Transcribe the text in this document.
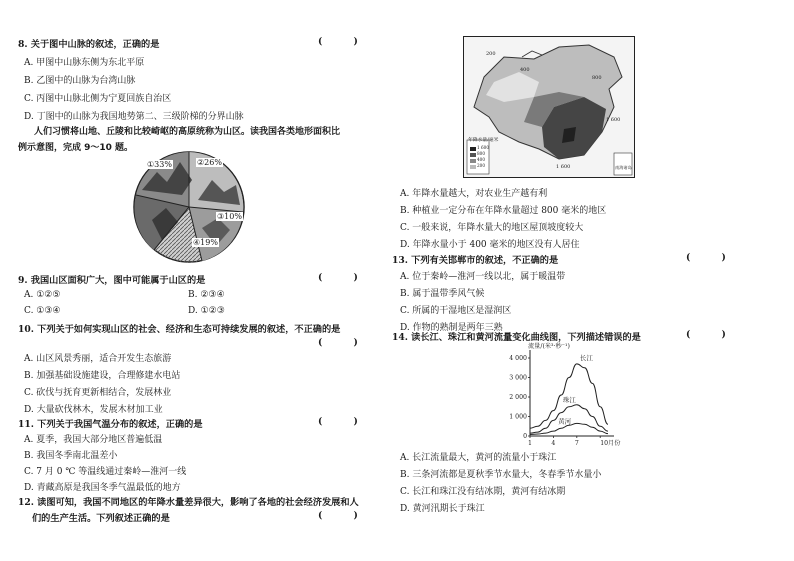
8. 关于图中山脉的叙述，正确的是	( )
A. 甲图中山脉东侧为东北平原
B. 乙图中的山脉为台湾山脉
C. 丙图中山脉北侧为宁夏回族自治区
D. 丁图中的山脉为我国地势第二、三级阶梯的分界山脉
人们习惯将山地、丘陵和比较崎岖的高原统称为山区。读我国各类地形面积比
例示意图，完成 9～10 题。
①33%	②26%
③10%
④19%
9. 我国山区面积广大，图中可能属于山区的是	( )
A. ①②⑤	B. ②③④
C. ①③④	D. ①②③
10. 下列关于如何实现山区的社会、经济和生态可持续发展的叙述，不正确的是
( )
A. 山区风景秀丽，适合开发生态旅游
B. 加强基础设施建设，合理修建水电站
C. 砍伐与抚育更新相结合，发展林业
D. 大量砍伐林木，发展木材加工业
11. 下列关于我国气温分布的叙述，正确的是	( )
A. 夏季，我国大部分地区普遍低温
B. 我国冬季南北温差小
C. 7 月 0 ℃ 等温线通过秦岭—淮河一线
D. 青藏高原是我国冬季气温最低的地方
12. 读图可知，我国不同地区的年降水量差异很大，影响了各地的社会经济发展和人
们的生产生活。下列叙述正确的是	( )
年降水量/毫米
1 600
800
400
200
200
400
800
1 600
1 600	南海诸岛
A. 年降水量越大，对农业生产越有利
B. 种植业一定分布在年降水量超过 800 毫米的地区
C. 一般来说，年降水量大的地区屋顶坡度较大
D. 年降水量小于 400 毫米的地区没有人居住
13. 下列有关邯郸市的叙述，不正确的是	( )
A. 位于秦岭—淮河一线以北，属于暖温带
B. 属于温带季风气候
C. 所属的干湿地区是湿润区
D. 作物的熟制是两年三熟
14. 读长江、珠江和黄河流量变化曲线图，下列描述错误的是	( )
流量/(米³·秒⁻¹)
4 000
3 000
2 000
1 000
0
1	4	7	10月份
长江
珠江
黄河
A. 长江流量最大，黄河的流量小于珠江
B. 三条河流都是夏秋季节水量大，冬春季节水量小
C. 长江和珠江没有结冰期，黄河有结冰期
D. 黄河汛期长于珠江
